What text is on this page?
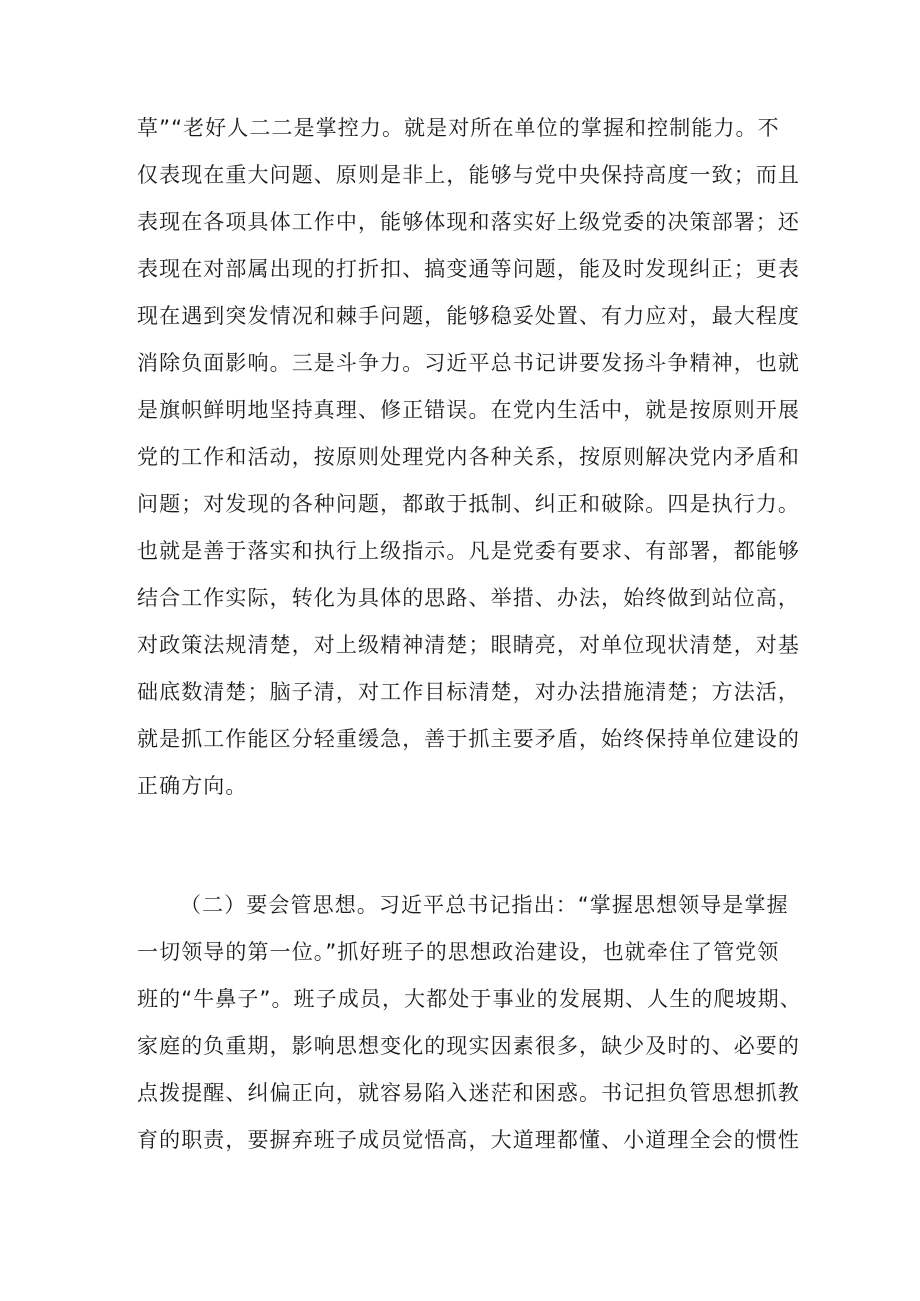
草”“老好人二二是掌控力。就是对所在单位的掌握和控制能力。不
仅表现在重大问题、原则是非上，能够与党中央保持高度一致；而且
表现在各项具体工作中，能够体现和落实好上级党委的决策部署；还
表现在对部属出现的打折扣、搞变通等问题，能及时发现纠正；更表
现在遇到突发情况和棘手问题，能够稳妥处置、有力应对，最大程度
消除负面影响。三是斗争力。习近平总书记讲要发扬斗争精神，也就
是旗帜鲜明地坚持真理、修正错误。在党内生活中，就是按原则开展
党的工作和活动，按原则处理党内各种关系，按原则解决党内矛盾和
问题；对发现的各种问题，都敢于抵制、纠正和破除。四是执行力。
也就是善于落实和执行上级指示。凡是党委有要求、有部署，都能够
结合工作实际，转化为具体的思路、举措、办法，始终做到站位高，
对政策法规清楚，对上级精神清楚；眼睛亮，对单位现状清楚，对基
础底数清楚；脑子清，对工作目标清楚，对办法措施清楚；方法活，
就是抓工作能区分轻重缓急，善于抓主要矛盾，始终保持单位建设的
正确方向。
（二）要会管思想。习近平总书记指出：“掌握思想领导是掌握
一切领导的第一位。”抓好班子的思想政治建设，也就牵住了管党领
班的“牛鼻子”。班子成员，大都处于事业的发展期、人生的爬坡期、
家庭的负重期，影响思想变化的现实因素很多，缺少及时的、必要的
点拨提醒、纠偏正向，就容易陷入迷茫和困惑。书记担负管思想抓教
育的职责，要摒弃班子成员觉悟高，大道理都懂、小道理全会的惯性
